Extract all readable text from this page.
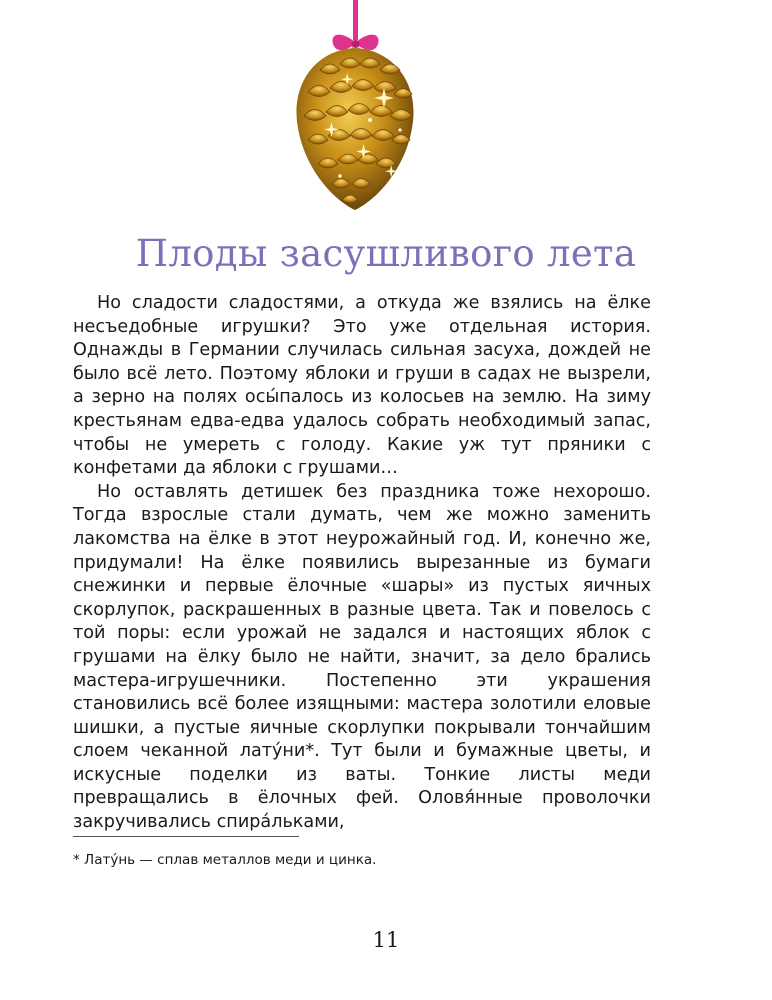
Плоды засушливого лета

Но сладости сладостями, а откуда же взялись на ёлке несъедобные игрушки? Это уже отдельная история. Однажды в Германии случилась сильная засуха, дождей не было всё лето. Поэтому яблоки и груши в садах не вызрели, а зерно на полях осы́палось из колосьев на землю. На зиму крестьянам едва-едва удалось собрать необходимый запас, чтобы не умереть с голоду. Какие уж тут пряники с конфетами да яблоки с грушами…

Но оставлять детишек без праздника тоже нехорошо. Тогда взрослые стали думать, чем же можно заменить лакомства на ёлке в этот неурожайный год. И, конечно же, придумали! На ёлке появились вырезанные из бумаги снежинки и первые ёлочные «шары» из пустых яичных скорлупок, раскрашенных в разные цвета. Так и повелось с той поры: если урожай не задался и настоящих яблок с грушами на ёлку было не найти, значит, за дело брались мастера-игрушечники. Постепенно эти украшения становились всё более изящными: мастера золотили еловые шишки, а пустые яичные скорлупки покрывали тончайшим слоем чеканной лату́ни*. Тут были и бумажные цветы, и искусные поделки из ваты. Тонкие листы меди превращались в ёлочных фей. Оловя́нные проволочки закручивались спира́льками,

* Лату́нь — сплав металлов меди и цинка.
11
